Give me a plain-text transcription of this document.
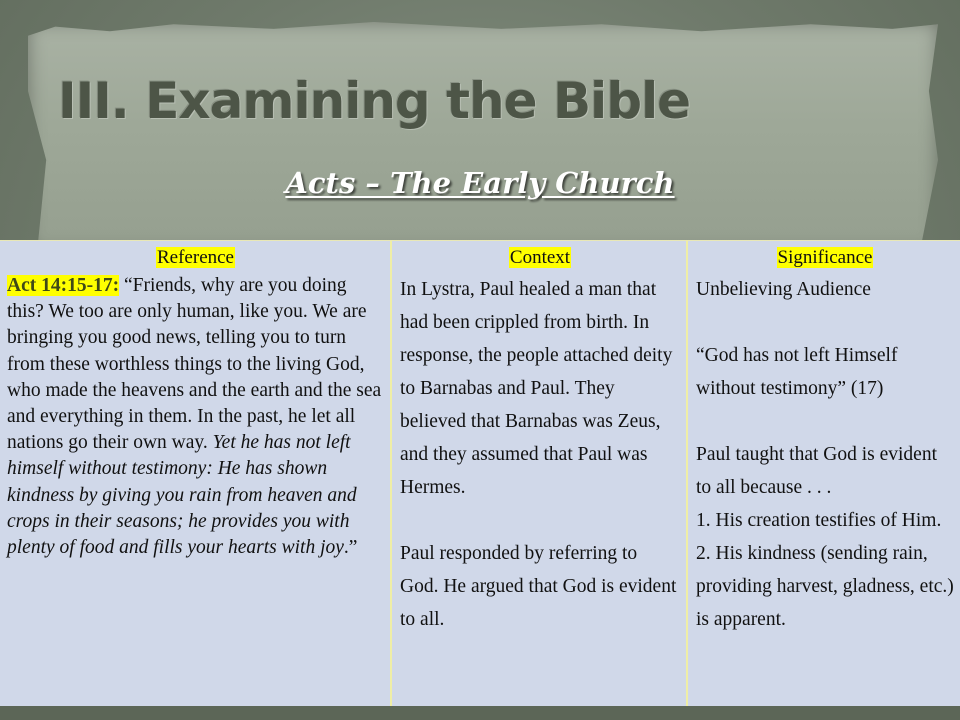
III. Examining the Bible
Acts – The Early Church
Reference
Act 14:15-17: “Friends, why are you doing this? We too are only human, like you. We are bringing you good news, telling you to turn from these worthless things to the living God, who made the heavens and the earth and the sea and everything in them. In the past, he let all nations go their own way. Yet he has not left himself without testimony: He has shown kindness by giving you rain from heaven and crops in their seasons; he provides you with plenty of food and fills your hearts with joy.”
Context
In Lystra, Paul healed a man that had been crippled from birth. In response, the people attached deity to Barnabas and Paul. They believed that Barnabas was Zeus, and they assumed that Paul was Hermes.
Paul responded by referring to God. He argued that God is evident to all.
Significance
Unbelieving Audience
“God has not left Himself without testimony” (17)
Paul taught that God is evident to all because . . .
1. His creation testifies of Him.
2. His kindness (sending rain, providing harvest, gladness, etc.) is apparent.
